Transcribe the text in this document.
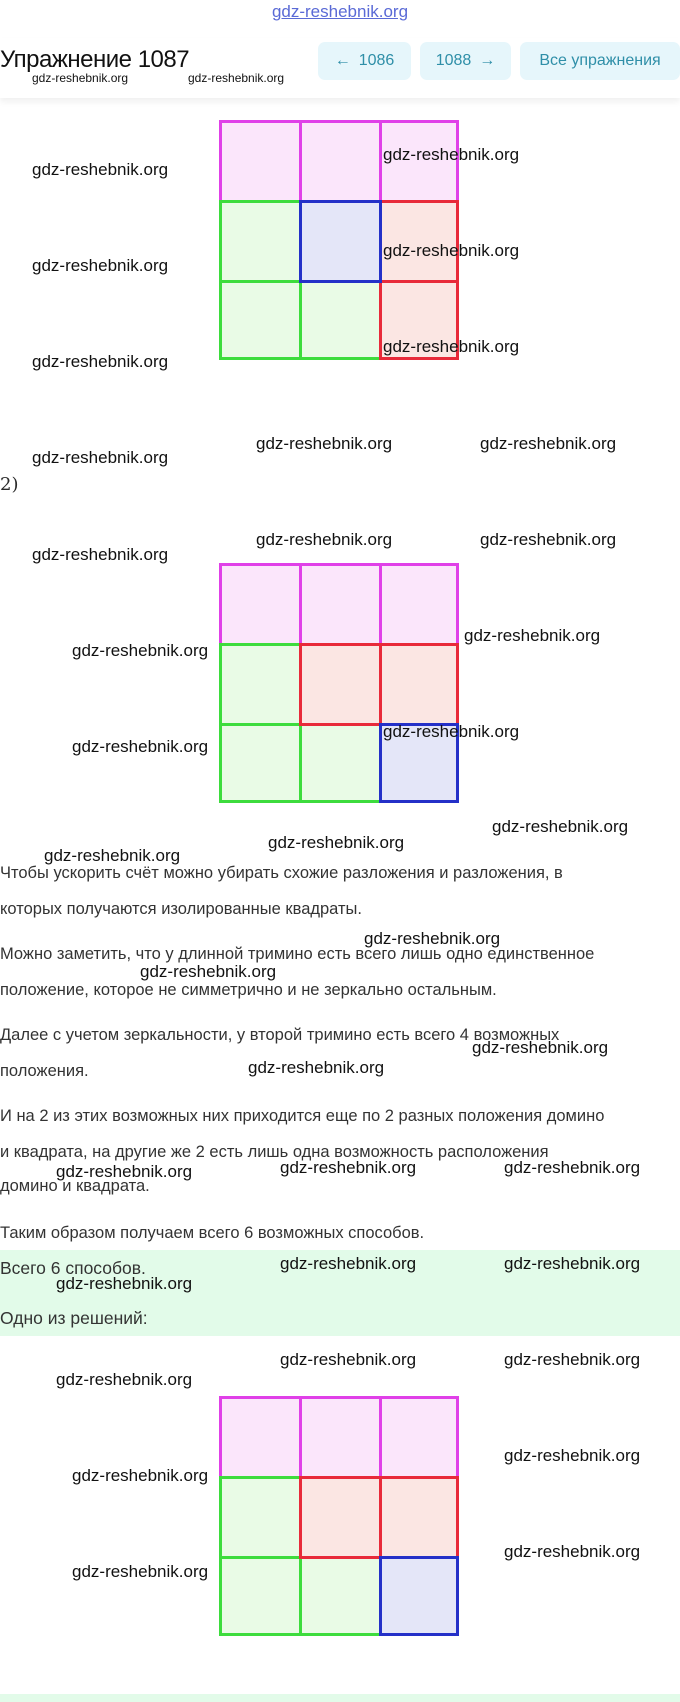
gdz-reshebnik.org
Упражнение 1087
gdz-reshebnik.org	gdz-reshebnik.org
← 1086	1088 →	Все упражнения
2)
Чтобы ускорить счёт можно убирать схожие разложения и разложения, в
которых получаются изолированные квадраты.
Можно заметить, что у длинной тримино есть всего лишь одно единственное
положение, которое не симметрично и не зеркально остальным.
Далее с учетом зеркальности, у второй тримино есть всего 4 возможных
положения.
И на 2 из этих возможных них приходится еще по 2 разных положения домино
и квадрата, на другие же 2 есть лишь одна возможность расположения
домино и квадрата.
Таким образом получаем всего 6 возможных способов.
Всего 6 способов.
Одно из решений:
gdz-reshebnik.org
gdz-reshebnik.org
gdz-reshebnik.org
gdz-reshebnik.org
gdz-reshebnik.org
gdz-reshebnik.org
gdz-reshebnik.org	gdz-reshebnik.org
gdz-reshebnik.org
gdz-reshebnik.org	gdz-reshebnik.org
gdz-reshebnik.org
gdz-reshebnik.org
gdz-reshebnik.org
gdz-reshebnik.org
gdz-reshebnik.org
gdz-reshebnik.org
gdz-reshebnik.org
gdz-reshebnik.org
gdz-reshebnik.org
gdz-reshebnik.org
gdz-reshebnik.org
gdz-reshebnik.org
gdz-reshebnik.org	gdz-reshebnik.org	gdz-reshebnik.org
gdz-reshebnik.org	gdz-reshebnik.org
gdz-reshebnik.org
gdz-reshebnik.org	gdz-reshebnik.org
gdz-reshebnik.org
gdz-reshebnik.org
gdz-reshebnik.org
gdz-reshebnik.org
gdz-reshebnik.org
